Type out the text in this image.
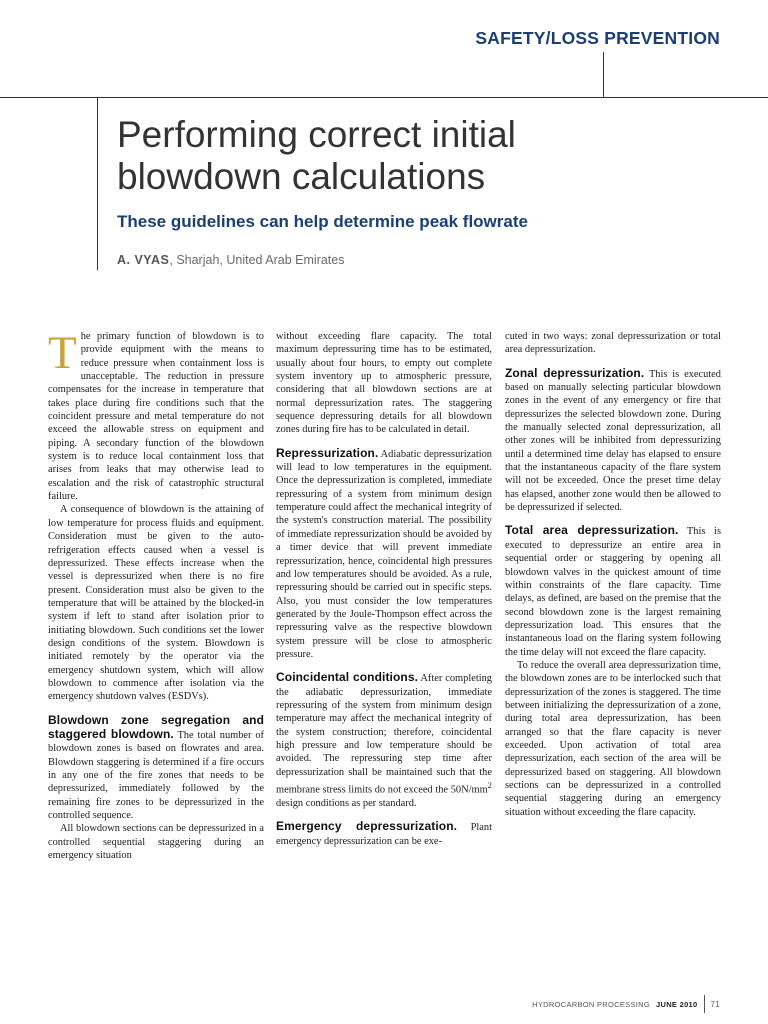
SAFETY/LOSS PREVENTION
Performing correct initial
blowdown calculations
These guidelines can help determine peak flowrate
A. VYAS, Sharjah, United Arab Emirates

The primary function of blowdown is to provide equipment with the means to reduce pressure when containment loss is unacceptable. The reduction in pressure compensates for the increase in temperature that takes place during fire conditions such that the coincident pressure and metal temperature do not exceed the allowable stress on equipment and piping. A secondary function of the blowdown system is to reduce local containment loss that arises from leaks that may otherwise lead to escalation and the risk of catastrophic structural failure.

A consequence of blowdown is the attaining of low temperature for process fluids and equipment. Consideration must be given to the auto-refrigeration effects caused when a vessel is depressurized. These effects increase when the vessel is depressurized when there is no fire present. Consideration must also be given to the temperature that will be attained by the blocked-in system if left to stand after isolation prior to initiating blowdown. Such conditions set the lower design conditions of the system. Blowdown is initiated remotely by the operator via the emergency shutdown system, which will allow blowdown to commence after isolation via the emergency shutdown valves (ESDVs).

Blowdown zone segregation and staggered blowdown. The total number of blowdown zones is based on flowrates and area. Blowdown staggering is determined if a fire occurs in any one of the fire zones that needs to be depressurized, immediately followed by the remaining fire zones to be depressurized in the controlled sequence.

All blowdown sections can be depressurized in a controlled sequential staggering during an emergency situation

without exceeding flare capacity. The total maximum depressuring time has to be estimated, usually about four hours, to empty out complete system inventory up to atmospheric pressure, considering that all blowdown sections are at normal depressurization rates. The staggering sequence depressuring details for all blowdown zones during fire has to be calculated in detail.

Repressurization. Adiabatic depressurization will lead to low temperatures in the equipment. Once the depressurization is completed, immediate repressuring of a system from minimum design temperature could affect the mechanical integrity of the system's construction material. The possibility of immediate repressurization should be avoided by a timer device that will prevent immediate repressurization, hence, coincidental high pressures and low temperatures should be avoided. As a rule, repressuring should be carried out in specific steps. Also, you must consider the low temperatures generated by the Joule-Thompson effect across the repressuring valve as the respective blowdown system pressure will be close to atmospheric pressure.

Coincidental conditions. After completing the adiabatic depressurization, immediate repressuring of the system from minimum design temperature may affect the mechanical integrity of the system construction; therefore, coincidental high pressure and low temperature should be avoided. The repressuring step time after depressurization shall be maintained such that the membrane stress limits do not exceed the $50N/mm^2$ design conditions as per standard.

Emergency depressurization. Plant emergency depressurization can be exe-

cuted in two ways: zonal depressurization or total area depressurization.

Zonal depressurization. This is executed based on manually selecting particular blowdown zones in the event of any emergency or fire that depressurizes the selected blowdown zone. During the manually selected zonal depressurization, all other zones will be inhibited from depressurizing until a determined time delay has elapsed to ensure that the instantaneous capacity of the flare system will not be exceeded. Once the preset time delay has elapsed, another zone would then be allowed to be depressurized if selected.

Total area depressurization. This is executed to depressurize an entire area in sequential order or staggering by opening all blowdown valves in the quickest amount of time within constraints of the flare capacity. Time delays, as defined, are based on the premise that the second blowdown zone is the largest remaining depressurization load. This ensures that the instantaneous load on the flaring system following the time delay will not exceed the flare capacity.

To reduce the overall area depressurization time, the blowdown zones are to be interlocked such that depressurization of the zones is staggered. The time between initializing the depressurization of a zone, during total area depressurization, has been arranged so that the flare capacity is never exceeded. Upon activation of total area depressurization, each section of the area will be depressurized based on staggering. All blowdown sections can be depressurized in a controlled sequential staggering during an emergency situation without exceeding the flare capacity.

HYDROCARBON PROCESSING JUNE 2010 71
